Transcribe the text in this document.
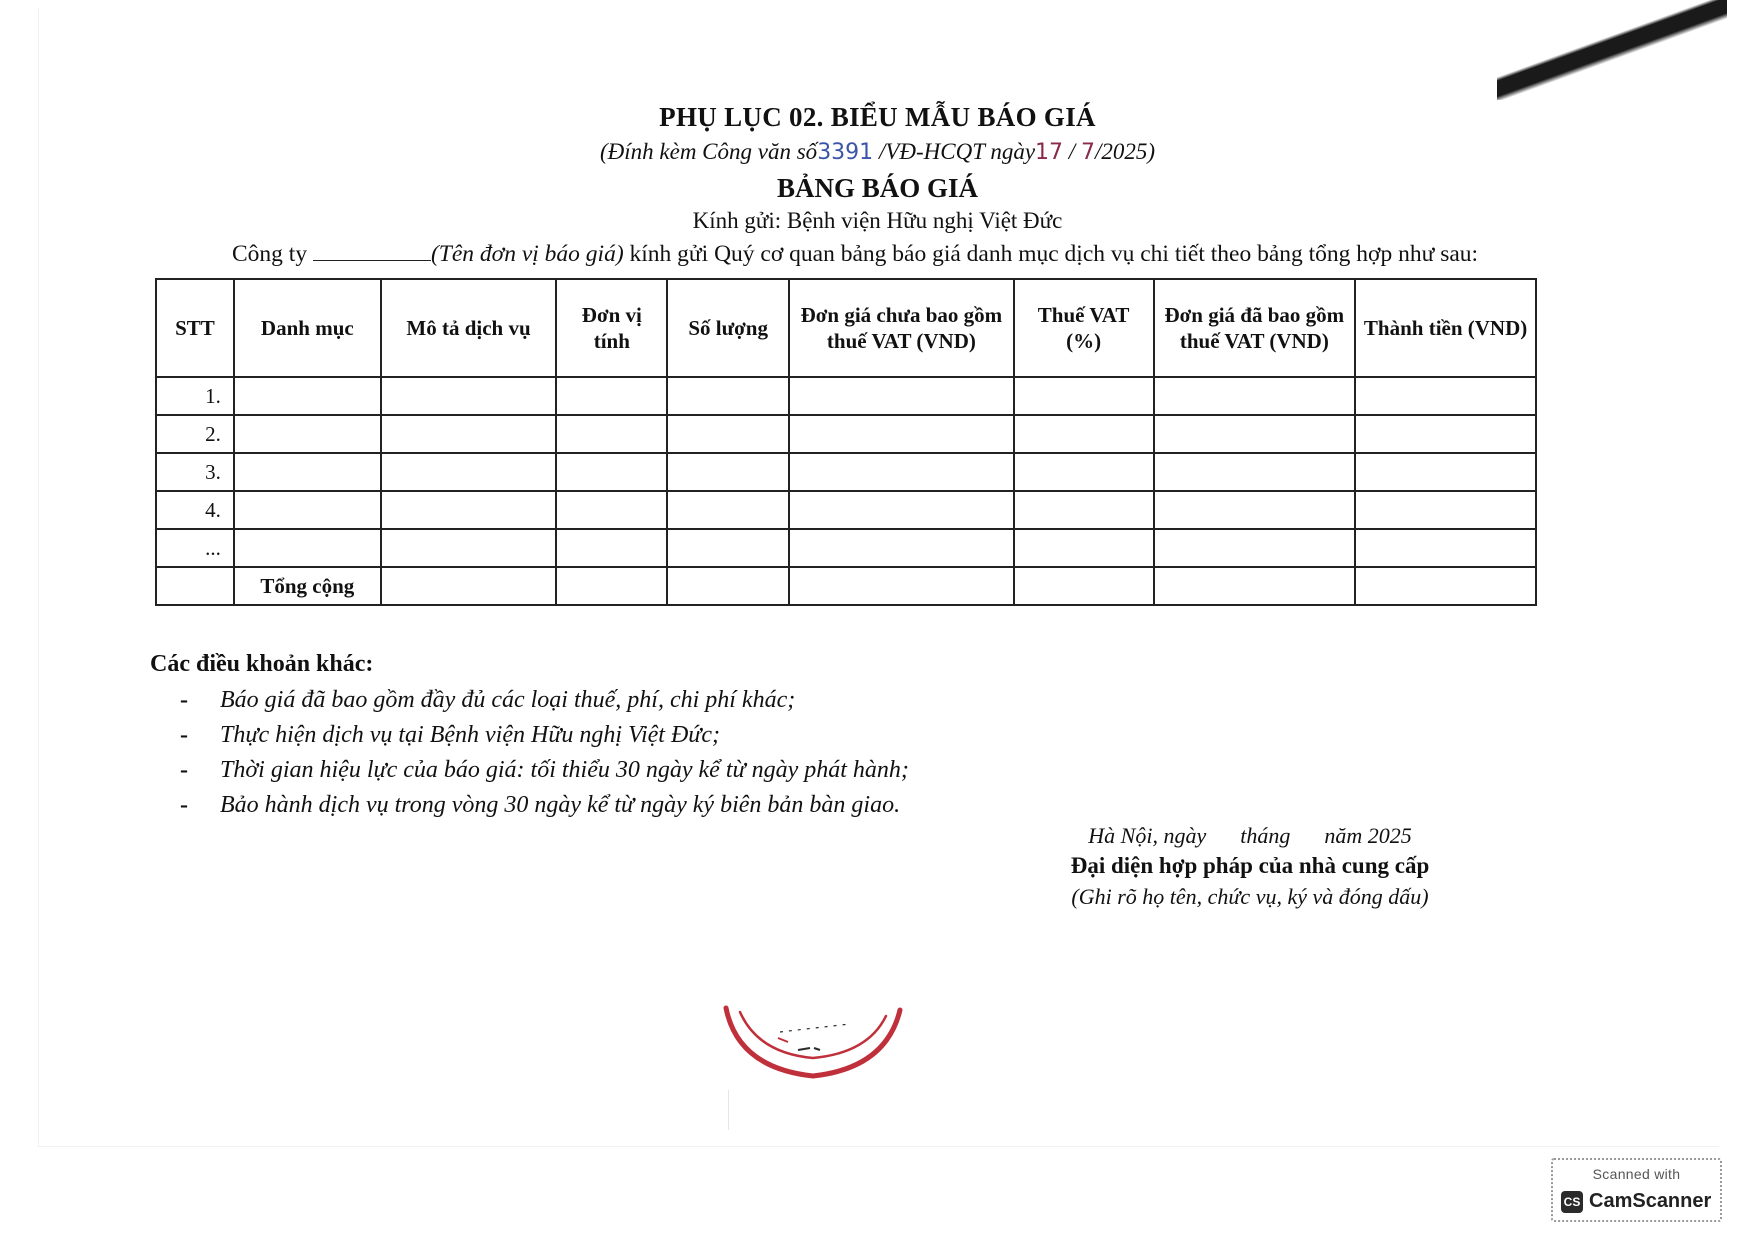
PHỤ LỤC 02. BIỂU MẪU BÁO GIÁ
(Đính kèm Công văn số3391 /VĐ-HCQT ngày17 / 7/2025)
BẢNG BÁO GIÁ
Kính gửi: Bệnh viện Hữu nghị Việt Đức
Công ty	(Tên đơn vị báo giá) kính gửi Quý cơ quan bảng báo giá danh mục dịch vụ chi tiết theo bảng tổng hợp như sau:
STT	Danh mục	Mô tả dịch vụ	Đơn vị tính	Số lượng	Đơn giá chưa bao gồm thuế VAT (VND)	Thuế VAT (%)	Đơn giá đã bao gồm thuế VAT (VND)	Thành tiền (VND)
1.								
2.								
3.								
4.								
...								
	Tổng cộng							
Các điều khoản khác:
- Báo giá đã bao gồm đầy đủ các loại thuế, phí, chi phí khác;
- Thực hiện dịch vụ tại Bệnh viện Hữu nghị Việt Đức;
- Thời gian hiệu lực của báo giá: tối thiểu 30 ngày kể từ ngày phát hành;
- Bảo hành dịch vụ trong vòng 30 ngày kể từ ngày ký biên bản bàn giao.
Hà Nội, ngày tháng năm 2025
Đại diện hợp pháp của nhà cung cấp
(Ghi rõ họ tên, chức vụ, ký và đóng dấu)
Scanned with
CS CamScanner
